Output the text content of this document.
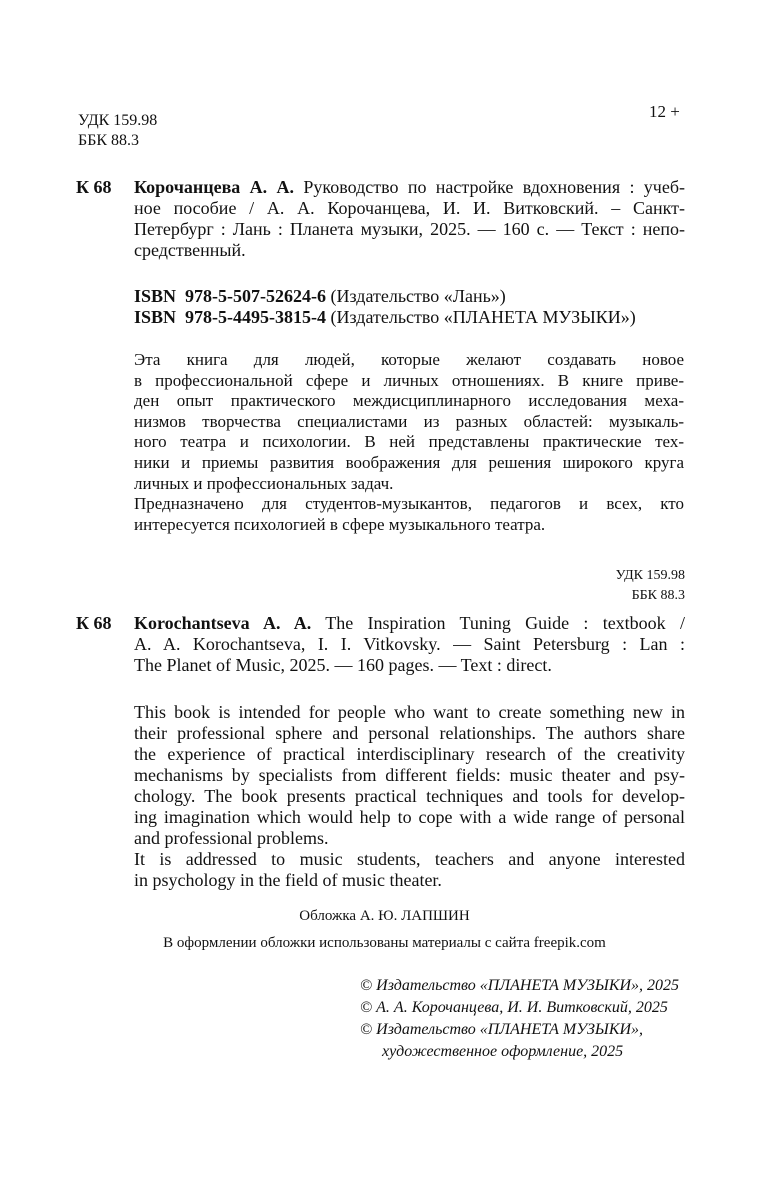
УДК 159.98
ББК 88.3
12 +
К 68 Корочанцева А. А. Руководство по настройке вдохновения : учеб-
ное пособие / А. А. Корочанцева, И. И. Витковский. – Санкт-
Петербург : Лань : Планета музыки, 2025. — 160 с. — Текст : непо-
средственный.
ISBN 978-5-507-52624-6 (Издательство «Лань»)
ISBN 978-5-4495-3815-4 (Издательство «ПЛАНЕТА МУЗЫКИ»)
Эта книга для людей, которые желают создавать новое
в профессиональной сфере и личных отношениях. В книге приве-
ден опыт практического междисциплинарного исследования меха-
низмов творчества специалистами из разных областей: музыкаль-
ного театра и психологии. В ней представлены практические тех-
ники и приемы развития воображения для решения широкого круга
личных и профессиональных задач.
Предназначено для студентов-музыкантов, педагогов и всех, кто
интересуется психологией в сфере музыкального театра.
УДК 159.98
ББК 88.3
К 68 Korochantseva A. A. The Inspiration Tuning Guide : textbook /
A. A. Korochantseva, I. I. Vitkovsky. — Saint Petersburg : Lan :
The Planet of Music, 2025. — 160 pages. — Text : direct.
This book is intended for people who want to create something new in
their professional sphere and personal relationships. The authors share
the experience of practical interdisciplinary research of the creativity
mechanisms by specialists from different fields: music theater and psy-
chology. The book presents practical techniques and tools for develop-
ing imagination which would help to cope with a wide range of personal
and professional problems.
It is addressed to music students, teachers and anyone interested
in psychology in the field of music theater.
Обложка А. Ю. ЛАПШИН
В оформлении обложки использованы материалы с сайта freepik.com
© Издательство «ПЛАНЕТА МУЗЫКИ», 2025
© А. А. Корочанцева, И. И. Витковский, 2025
© Издательство «ПЛАНЕТА МУЗЫКИ»,
художественное оформление, 2025
